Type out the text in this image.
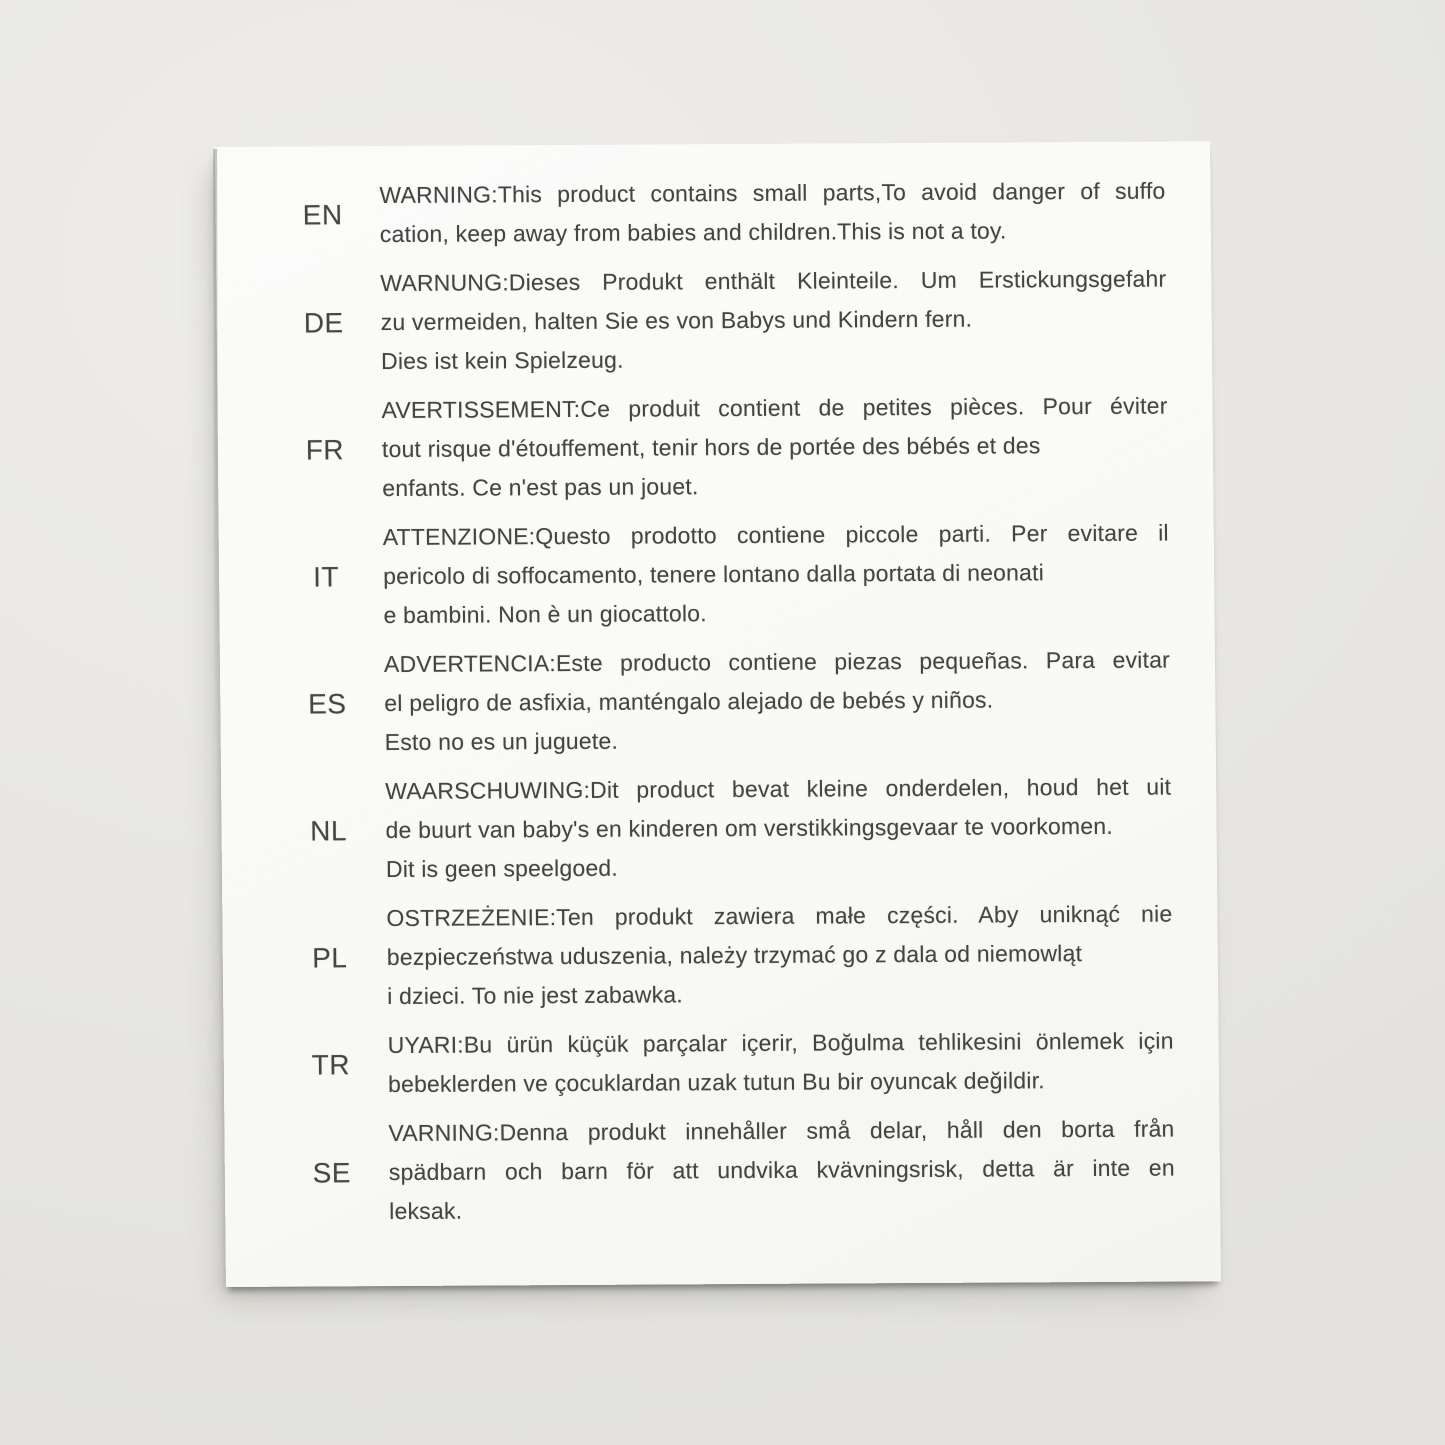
EN
WARNING:This product contains small parts,To avoid danger of suffo
cation, keep away from babies and children.This is not a toy.
DE
WARNUNG:Dieses Produkt enthält Kleinteile. Um Erstickungsgefahr
zu vermeiden, halten Sie es von Babys und Kindern fern.
Dies ist kein Spielzeug.
FR
AVERTISSEMENT:Ce produit contient de petites pièces. Pour éviter
tout risque d'étouffement, tenir hors de portée des bébés et des
enfants. Ce n'est pas un jouet.
IT
ATTENZIONE:Questo prodotto contiene piccole parti. Per evitare il
pericolo di soffocamento, tenere lontano dalla portata di neonati
e bambini. Non è un giocattolo.
ES
ADVERTENCIA:Este producto contiene piezas pequeñas. Para evitar
el peligro de asfixia, manténgalo alejado de bebés y niños.
Esto no es un juguete.
NL
WAARSCHUWING:Dit product bevat kleine onderdelen, houd het uit
de buurt van baby's en kinderen om verstikkingsgevaar te voorkomen.
Dit is geen speelgoed.
PL
OSTRZEŻENIE:Ten produkt zawiera małe części. Aby uniknąć nie
bezpieczeństwa uduszenia, należy trzymać go z dala od niemowląt
i dzieci. To nie jest zabawka.
TR
UYARI:Bu ürün küçük parçalar içerir, Boğulma tehlikesini önlemek için
bebeklerden ve çocuklardan uzak tutun Bu bir oyuncak değildir.
SE
VARNING:Denna produkt innehåller små delar, håll den borta från
spädbarn och barn för att undvika kvävningsrisk, detta är inte en
leksak.
